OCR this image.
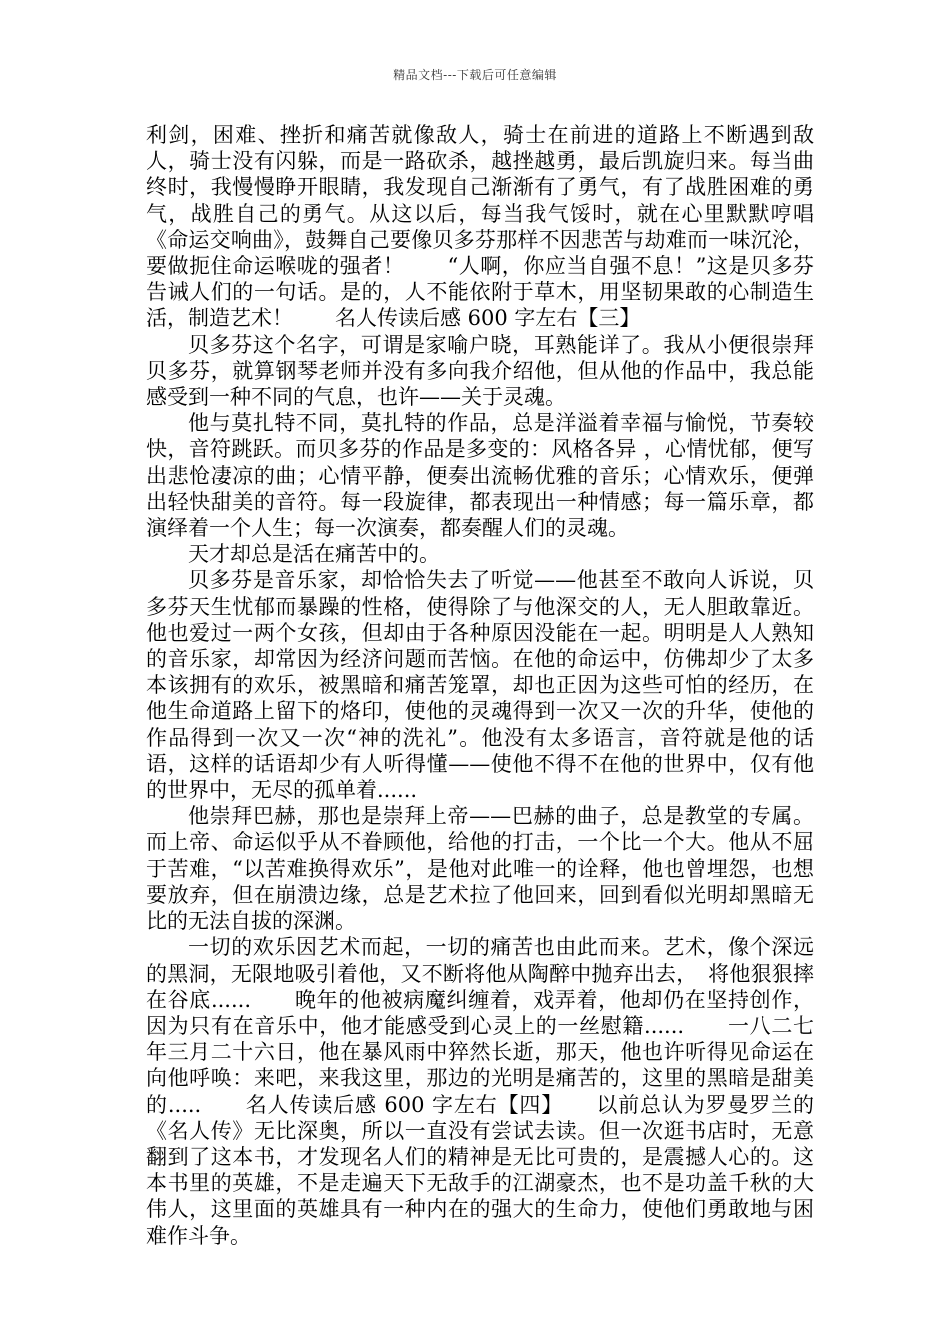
精品文档---下载后可任意编辑

利剑，困难、挫折和痛苦就像敌人，骑士在前进的道路上不断遇到敌人，骑士没有闪躲，而是一路砍杀，越挫越勇，最后凯旋归来。每当曲终时，我慢慢睁开眼睛，我发现自己渐渐有了勇气，有了战胜困难的勇气，战胜自己的勇气。从这以后，每当我气馁时，就在心里默默哼唱《命运交响曲》，鼓舞自己要像贝多芬那样不因悲苦与劫难而一味沉沦，要做扼住命运喉咙的强者！　　“人啊，你应当自强不息！”这是贝多芬告诫人们的一句话。是的，人不能依附于草木，用坚韧果敢的心制造生活，制造艺术！　　名人传读后感 600 字左右【三】

贝多芬这个名字，可谓是家喻户晓，耳熟能详了。我从小便很崇拜贝多芬，就算钢琴老师并没有多向我介绍他，但从他的作品中，我总能感受到一种不同的气息，也许——关于灵魂。

他与莫扎特不同，莫扎特的作品，总是洋溢着幸福与愉悦，节奏较快，音符跳跃。而贝多芬的作品是多变的：风格各异 ，心情忧郁，便写出悲怆凄凉的曲；心情平静，便奏出流畅优雅的音乐；心情欢乐，便弹出轻快甜美的音符。每一段旋律，都表现出一种情感；每一篇乐章，都演绎着一个人生；每一次演奏，都奏醒人们的灵魂。

天才却总是活在痛苦中的。

贝多芬是音乐家，却恰恰失去了听觉——他甚至不敢向人诉说，贝多芬天生忧郁而暴躁的性格，使得除了与他深交的人，无人胆敢靠近。他也爱过一两个女孩，但却由于各种原因没能在一起。明明是人人熟知的音乐家，却常因为经济问题而苦恼。在他的命运中，仿佛却少了太多本该拥有的欢乐，被黑暗和痛苦笼罩，却也正因为这些可怕的经历，在他生命道路上留下的烙印，使他的灵魂得到一次又一次的升华，使他的作品得到一次又一次“神的洗礼”。他没有太多语言，音符就是他的话语，这样的话语却少有人听得懂——使他不得不在他的世界中，仅有他的世界中，无尽的孤单着......

他崇拜巴赫，那也是崇拜上帝——巴赫的曲子，总是教堂的专属。而上帝、命运似乎从不眷顾他，给他的打击，一个比一个大。他从不屈于苦难，“以苦难换得欢乐”，是他对此唯一的诠释，他也曾埋怨，也想要放弃，但在崩溃边缘，总是艺术拉了他回来，回到看似光明却黑暗无比的无法自拔的深渊。

一切的欢乐因艺术而起，一切的痛苦也由此而来。艺术，像个深远的黑洞，无限地吸引着他，又不断将他从陶醉中抛弃出去，　将他狠狠摔在谷底......　　晚年的他被病魔纠缠着，戏弄着，他却仍在坚持创作，因为只有在音乐中，他才能感受到心灵上的一丝慰籍......　　一八二七年三月二十六日，他在暴风雨中猝然长逝，那天，他也许听得见命运在向他呼唤：来吧，来我这里，那边的光明是痛苦的，这里的黑暗是甜美的.....　　名人传读后感 600 字左右【四】　　以前总认为罗曼罗兰的《名人传》无比深奥，所以一直没有尝试去读。但一次逛书店时，无意翻到了这本书，才发现名人们的精神是无比可贵的，是震撼人心的。这本书里的英雄，不是走遍天下无敌手的江湖豪杰，也不是功盖千秋的大伟人，这里面的英雄具有一种内在的强大的生命力，使他们勇敢地与困难作斗争。
